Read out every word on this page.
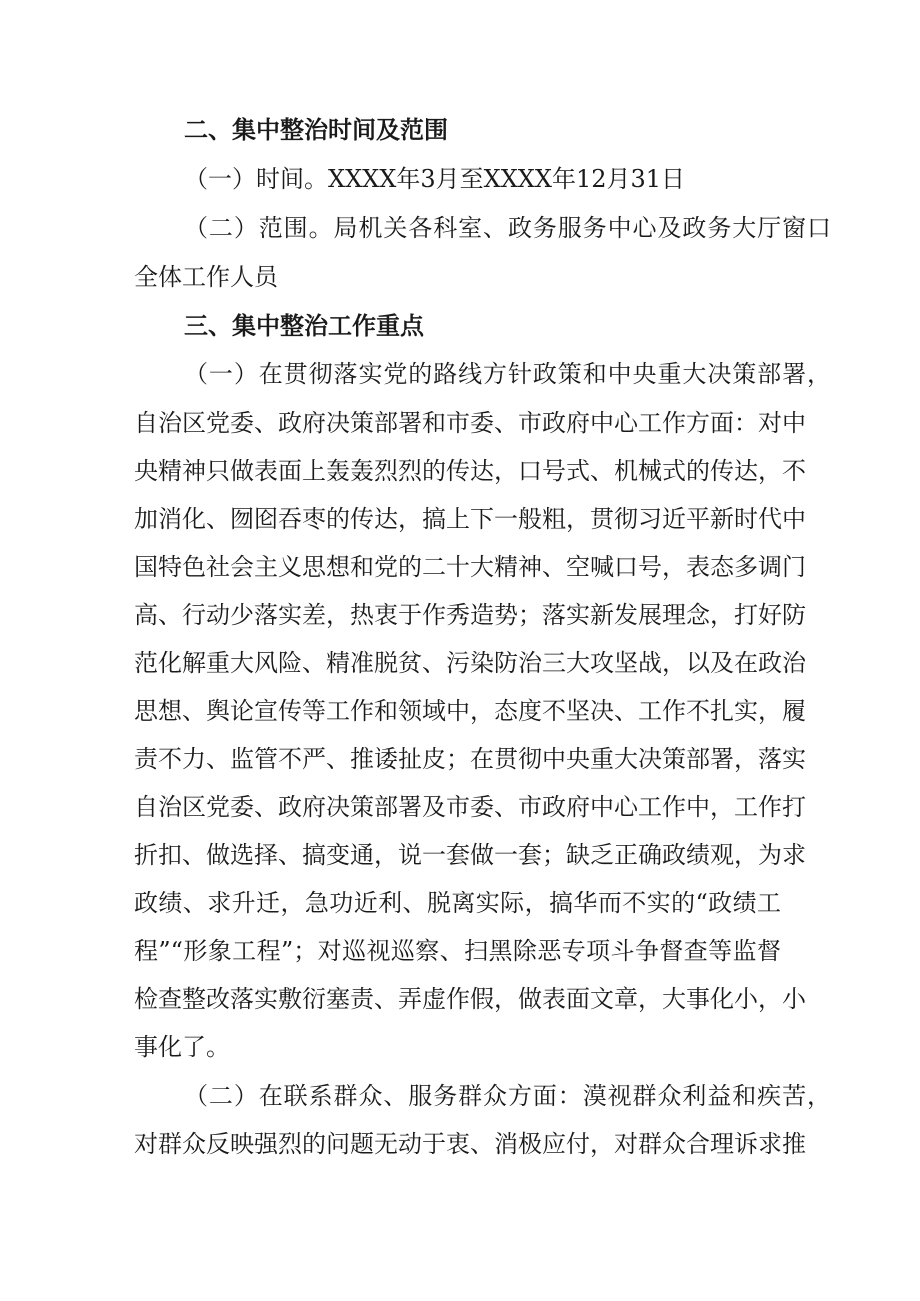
二、集中整治时间及范围
（一）时间。XXXX年3月至XXXX年12月31日
（二）范围。局机关各科室、政务服务中心及政务大厅窗口
全体工作人员
三、集中整治工作重点
（一）在贯彻落实党的路线方针政策和中央重大决策部署，
自治区党委、政府决策部署和市委、市政府中心工作方面：对中
央精神只做表面上轰轰烈烈的传达，口号式、机械式的传达，不
加消化、囫囵吞枣的传达，搞上下一般粗，贯彻习近平新时代中
国特色社会主义思想和党的二十大精神、空喊口号，表态多调门
高、行动少落实差，热衷于作秀造势；落实新发展理念，打好防
范化解重大风险、精准脱贫、污染防治三大攻坚战，以及在政治
思想、舆论宣传等工作和领域中，态度不坚决、工作不扎实，履
责不力、监管不严、推诿扯皮；在贯彻中央重大决策部署，落实
自治区党委、政府决策部署及市委、市政府中心工作中，工作打
折扣、做选择、搞变通，说一套做一套；缺乏正确政绩观，为求
政绩、求升迁，急功近利、脱离实际，搞华而不实的“政绩工
程”“形象工程”；对巡视巡察、扫黑除恶专项斗争督查等监督
检查整改落实敷衍塞责、弄虚作假，做表面文章，大事化小，小
事化了。
（二）在联系群众、服务群众方面：漠视群众利益和疾苦，
对群众反映强烈的问题无动于衷、消极应付，对群众合理诉求推
